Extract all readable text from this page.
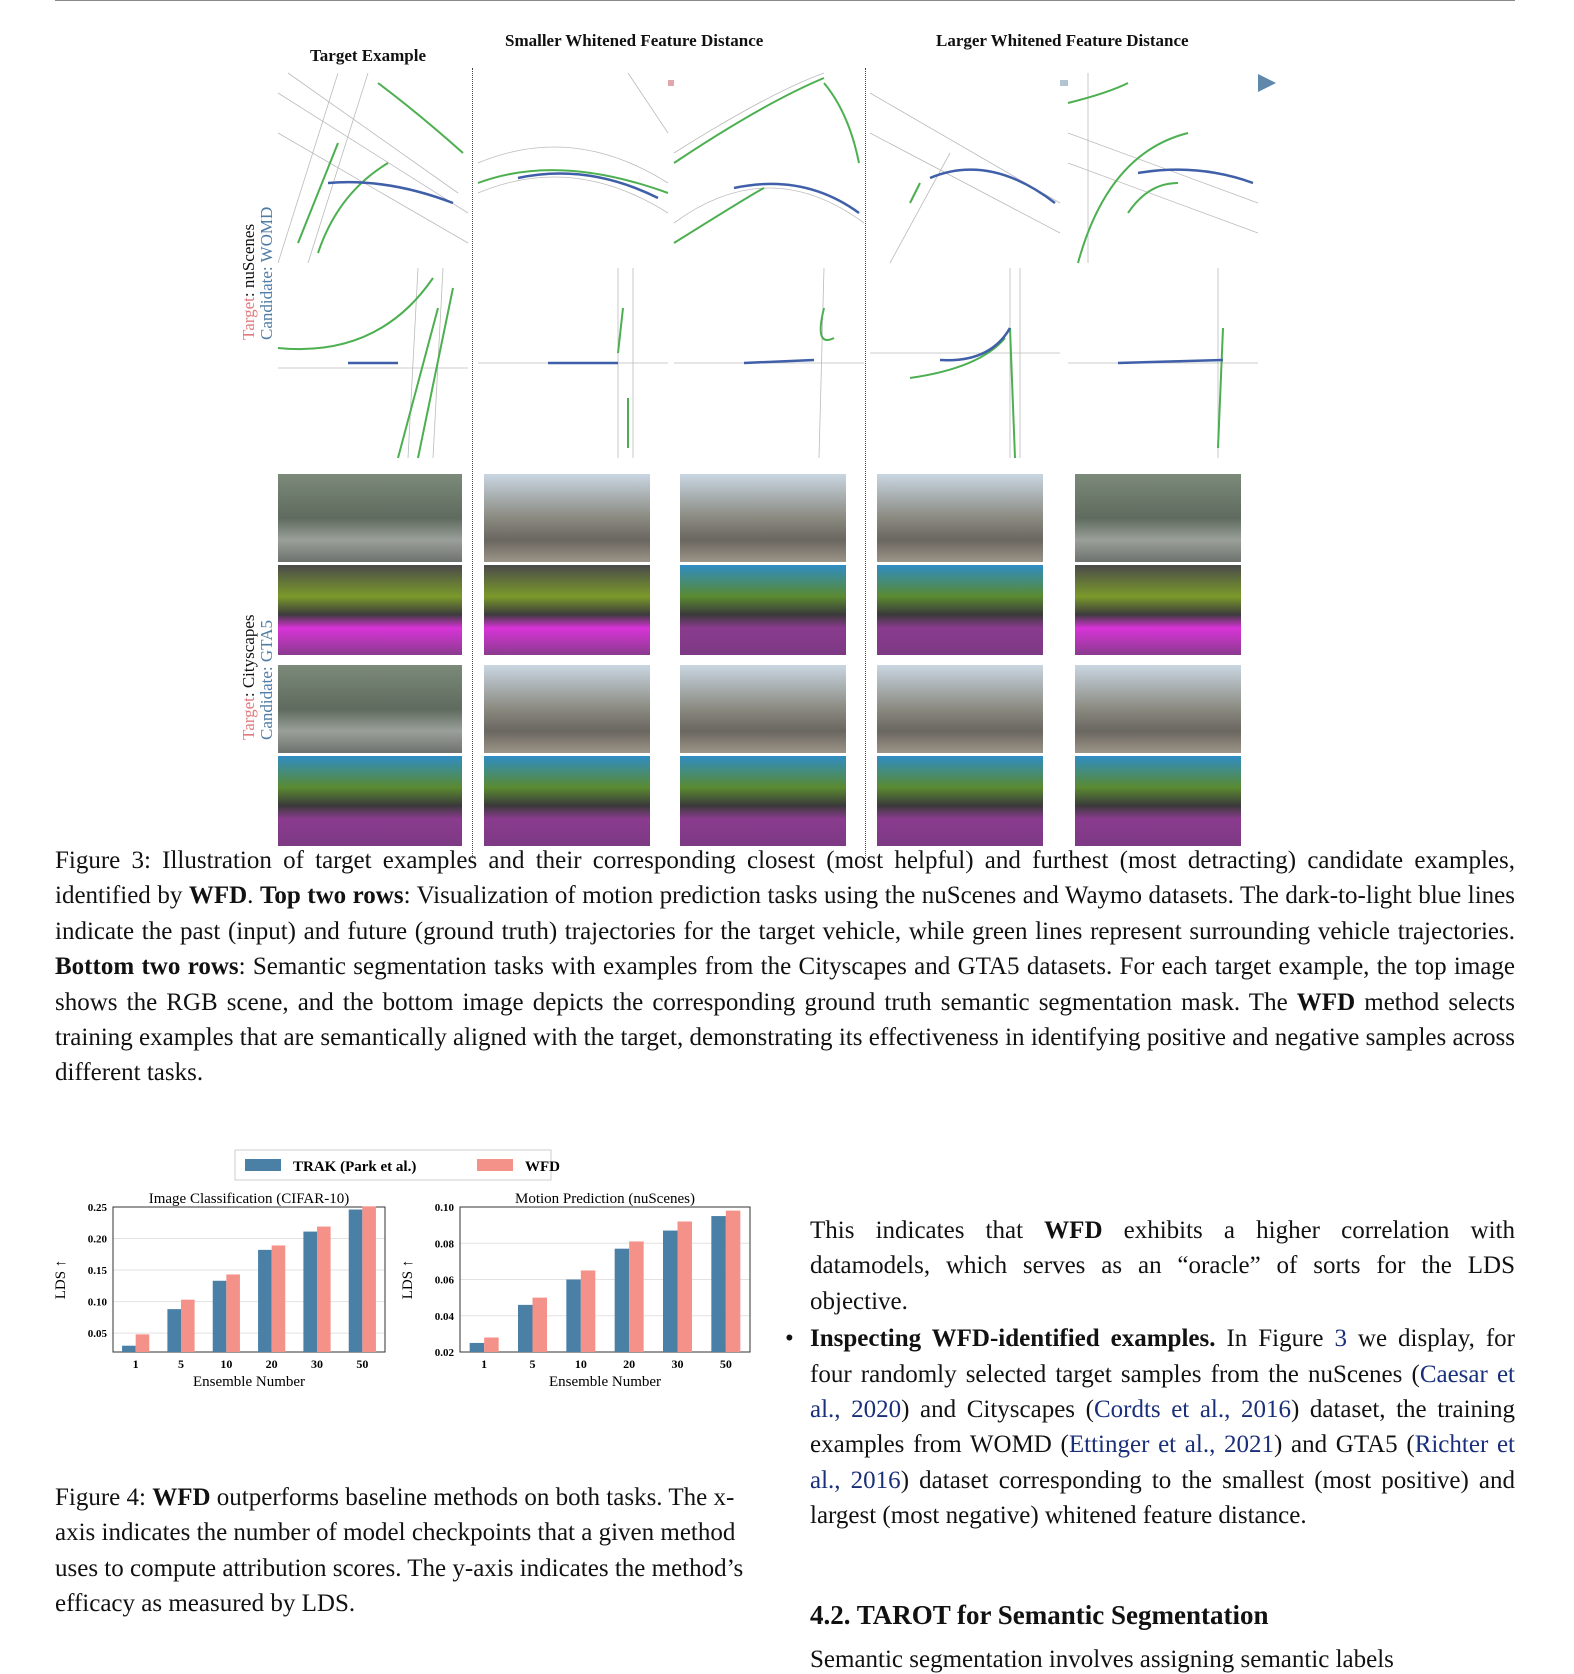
Target Example
Smaller Whitened Feature Distance	Larger Whitened Feature Distance
Target: nuScenes
Candidate: WOMD
Target: Cityscapes
Candidate: GTA5
Figure 3: Illustration of target examples and their corresponding closest (most helpful) and furthest (most detracting) candidate examples, identified by WFD. Top two rows: Visualization of motion prediction tasks using the nuScenes and Waymo datasets. The dark-to-light blue lines indicate the past (input) and future (ground truth) trajectories for the target vehicle, while green lines represent surrounding vehicle trajectories. Bottom two rows: Semantic segmentation tasks with examples from the Cityscapes and GTA5 datasets. For each target example, the top image shows the RGB scene, and the bottom image depicts the corresponding ground truth semantic segmentation mask. The WFD method selects training examples that are semantically aligned with the target, demonstrating its effectiveness in identifying positive and negative samples across different tasks.
TRAK (Park et al.)	WFD
0.05
0.10
0.15
0.20
0.25
1	5	10	20	30	50
Image Classification (CIFAR-10)
Ensemble Number
LDS ↑
0.02
0.04
0.06
0.08
0.10
1	5	10	20	30	50
Motion Prediction (nuScenes)
Ensemble Number
LDS ↑
Figure 4: WFD outperforms baseline methods on both tasks. The x-axis indicates the number of model checkpoints that a given method uses to compute attribution scores. The y-axis indicates the method’s efficacy as measured by LDS.

This indicates that WFD exhibits a higher correlation with datamodels, which serves as an “oracle” of sorts for the LDS objective.

• Inspecting WFD-identified examples. In Figure 3 we display, for four randomly selected target samples from the nuScenes (Caesar et al., 2020) and Cityscapes (Cordts et al., 2016) dataset, the training examples from WOMD (Ettinger et al., 2021) and GTA5 (Richter et al., 2016) dataset corresponding to the smallest (most positive) and largest (most negative) whitened feature distance.

4.2. TAROT for Semantic Segmentation
Semantic segmentation involves assigning semantic labels
